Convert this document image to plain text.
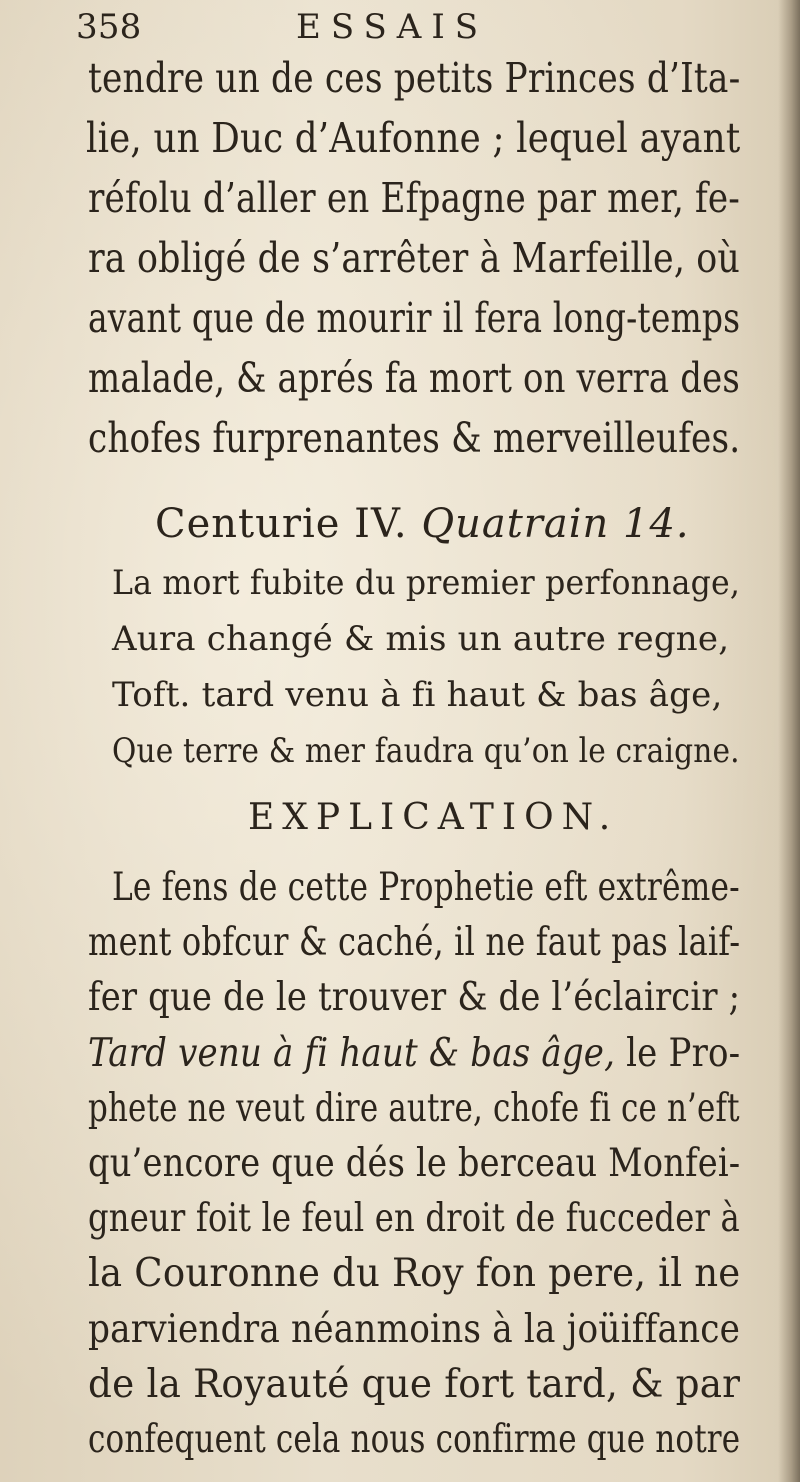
358	ESSAIS

tendre un de ces petits Princes d’Ita-

lie, un Duc d’Aufonne ; lequel ayant

réfolu d’aller en Efpagne par mer, fe-

ra obligé de s’arrêter à Marfeille, où

avant que de mourir il fera long-temps

malade, & aprés fa mort on verra des

chofes furprenantes & merveilleufes.

Centurie IV. Quatrain 14.

La mort fubite du premier perfonnage,

Aura changé & mis un autre regne,

Toft. tard venu à fi haut & bas âge,

Que terre & mer faudra qu’on le craigne.

EXPLICATION.

Le fens de cette Prophetie eft extrême-

ment obfcur & caché, il ne faut pas laif-

fer que de le trouver & de l’éclaircir ;

Tard venu à fi haut & bas âge, le Pro-

phete ne veut dire autre, chofe fi ce n’eft

qu’encore que dés le berceau Monfei-

gneur foit le feul en droit de fucceder à

la Couronne du Roy fon pere, il ne

parviendra néanmoins à la joüiffance

de la Royauté que fort tard, & par

confequent cela nous confirme que notre
